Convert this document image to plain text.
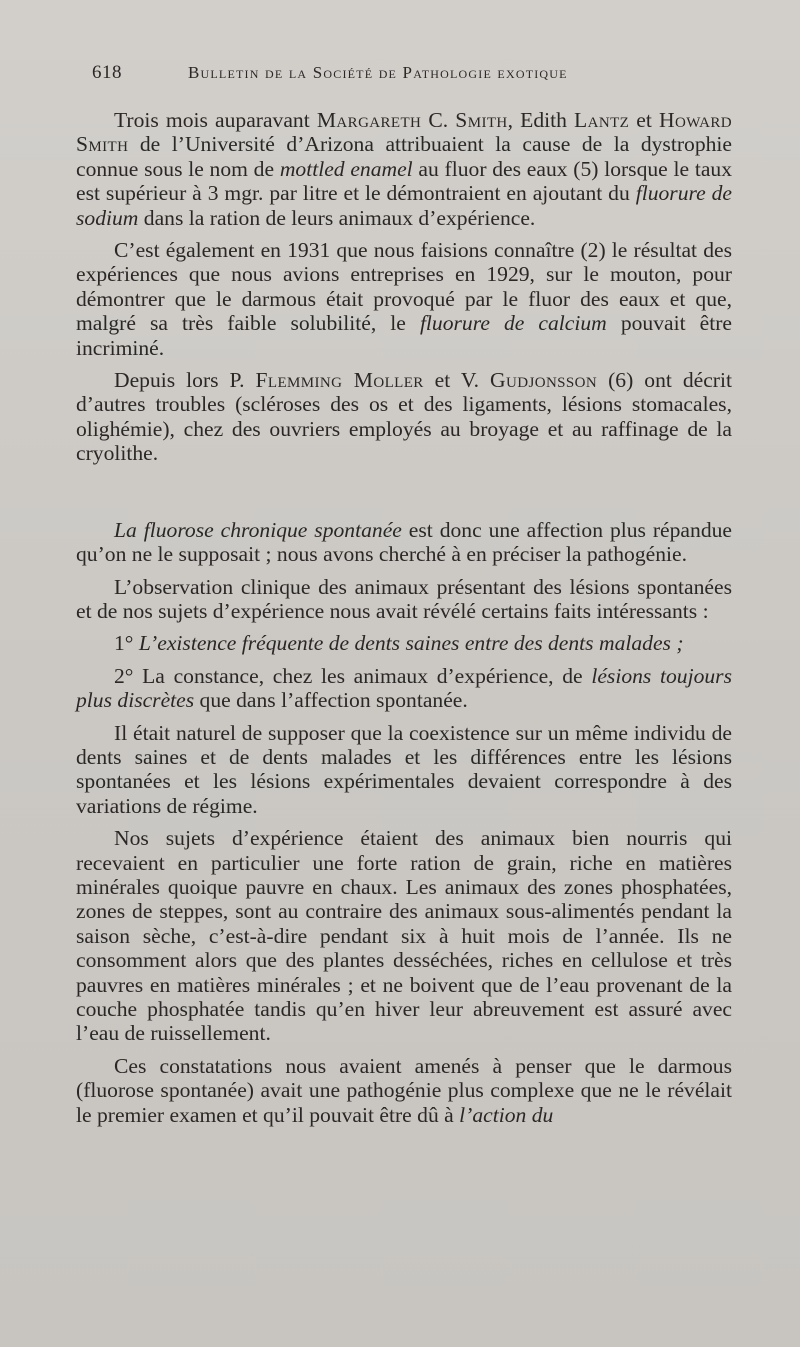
618	Bulletin de la Société de Pathologie exotique

Trois mois auparavant Margareth C. Smith, Edith Lantz et Howard Smith de l’Université d’Arizona attribuaient la cause de la dystrophie connue sous le nom de mottled enamel au fluor des eaux (5) lorsque le taux est supérieur à 3 mgr. par litre et le démontraient en ajoutant du fluorure de sodium dans la ration de leurs animaux d’expérience.

C’est également en 1931 que nous faisions connaître (2) le résultat des expériences que nous avions entreprises en 1929, sur le mouton, pour démontrer que le darmous était provoqué par le fluor des eaux et que, malgré sa très faible solubilité, le fluorure de calcium pouvait être incriminé.

Depuis lors P. Flemming Moller et V. Gudjonsson (6) ont décrit d’autres troubles (scléroses des os et des ligaments, lésions stomacales, olighémie), chez des ouvriers employés au broyage et au raffinage de la cryolithe.

La fluorose chronique spontanée est donc une affection plus répandue qu’on ne le supposait ; nous avons cherché à en préciser la pathogénie.

L’observation clinique des animaux présentant des lésions spontanées et de nos sujets d’expérience nous avait révélé certains faits intéressants :

1° L’existence fréquente de dents saines entre des dents malades ;

2° La constance, chez les animaux d’expérience, de lésions toujours plus discrètes que dans l’affection spontanée.

Il était naturel de supposer que la coexistence sur un même individu de dents saines et de dents malades et les différences entre les lésions spontanées et les lésions expérimentales devaient correspondre à des variations de régime.

Nos sujets d’expérience étaient des animaux bien nourris qui recevaient en particulier une forte ration de grain, riche en matières minérales quoique pauvre en chaux. Les animaux des zones phosphatées, zones de steppes, sont au contraire des animaux sous-alimentés pendant la saison sèche, c’est-à-dire pendant six à huit mois de l’année. Ils ne consomment alors que des plantes desséchées, riches en cellulose et très pauvres en matières minérales ; et ne boivent que de l’eau provenant de la couche phosphatée tandis qu’en hiver leur abreuvement est assuré avec l’eau de ruissellement.

Ces constatations nous avaient amenés à penser que le darmous (fluorose spontanée) avait une pathogénie plus complexe que ne le révélait le premier examen et qu’il pouvait être dû à l’action du
